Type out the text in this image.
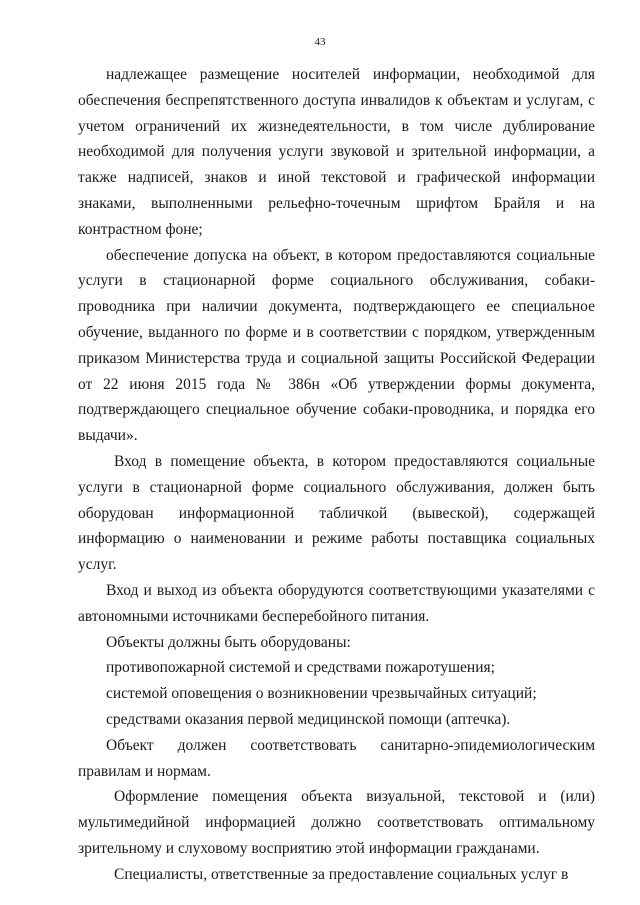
43

надлежащее размещение носителей информации, необходимой для обеспечения беспрепятственного доступа инвалидов к объектам и услугам, с учетом ограничений их жизнедеятельности, в том числе дублирование необходимой для получения услуги звуковой и зрительной информации, а также надписей, знаков и иной текстовой и графической информации знаками, выполненными рельефно-точечным шрифтом Брайля и на контрастном фоне;

обеспечение допуска на объект, в котором предоставляются социальные услуги в стационарной форме социального обслуживания, собаки-проводника при наличии документа, подтверждающего ее специальное обучение, выданного по форме и в соответствии с порядком, утвержденным приказом Министерства труда и социальной защиты Российской Федерации от 22 июня 2015 года № 386н «Об утверждении формы документа, подтверждающего специальное обучение собаки-проводника, и порядка его выдачи».

Вход в помещение объекта, в котором предоставляются социальные услуги в стационарной форме социального обслуживания, должен быть оборудован информационной табличкой (вывеской), содержащей информацию о наименовании и режиме работы поставщика социальных услуг.

Вход и выход из объекта оборудуются соответствующими указателями с автономными источниками бесперебойного питания.

Объекты должны быть оборудованы:

противопожарной системой и средствами пожаротушения;

системой оповещения о возникновении чрезвычайных ситуаций;

средствами оказания первой медицинской помощи (аптечка).

Объект должен соответствовать санитарно-эпидемиологическим правилам и нормам.

Оформление помещения объекта визуальной, текстовой и (или) мультимедийной информацией должно соответствовать оптимальному зрительному и слуховому восприятию этой информации гражданами.

Специалисты, ответственные за предоставление социальных услуг в
